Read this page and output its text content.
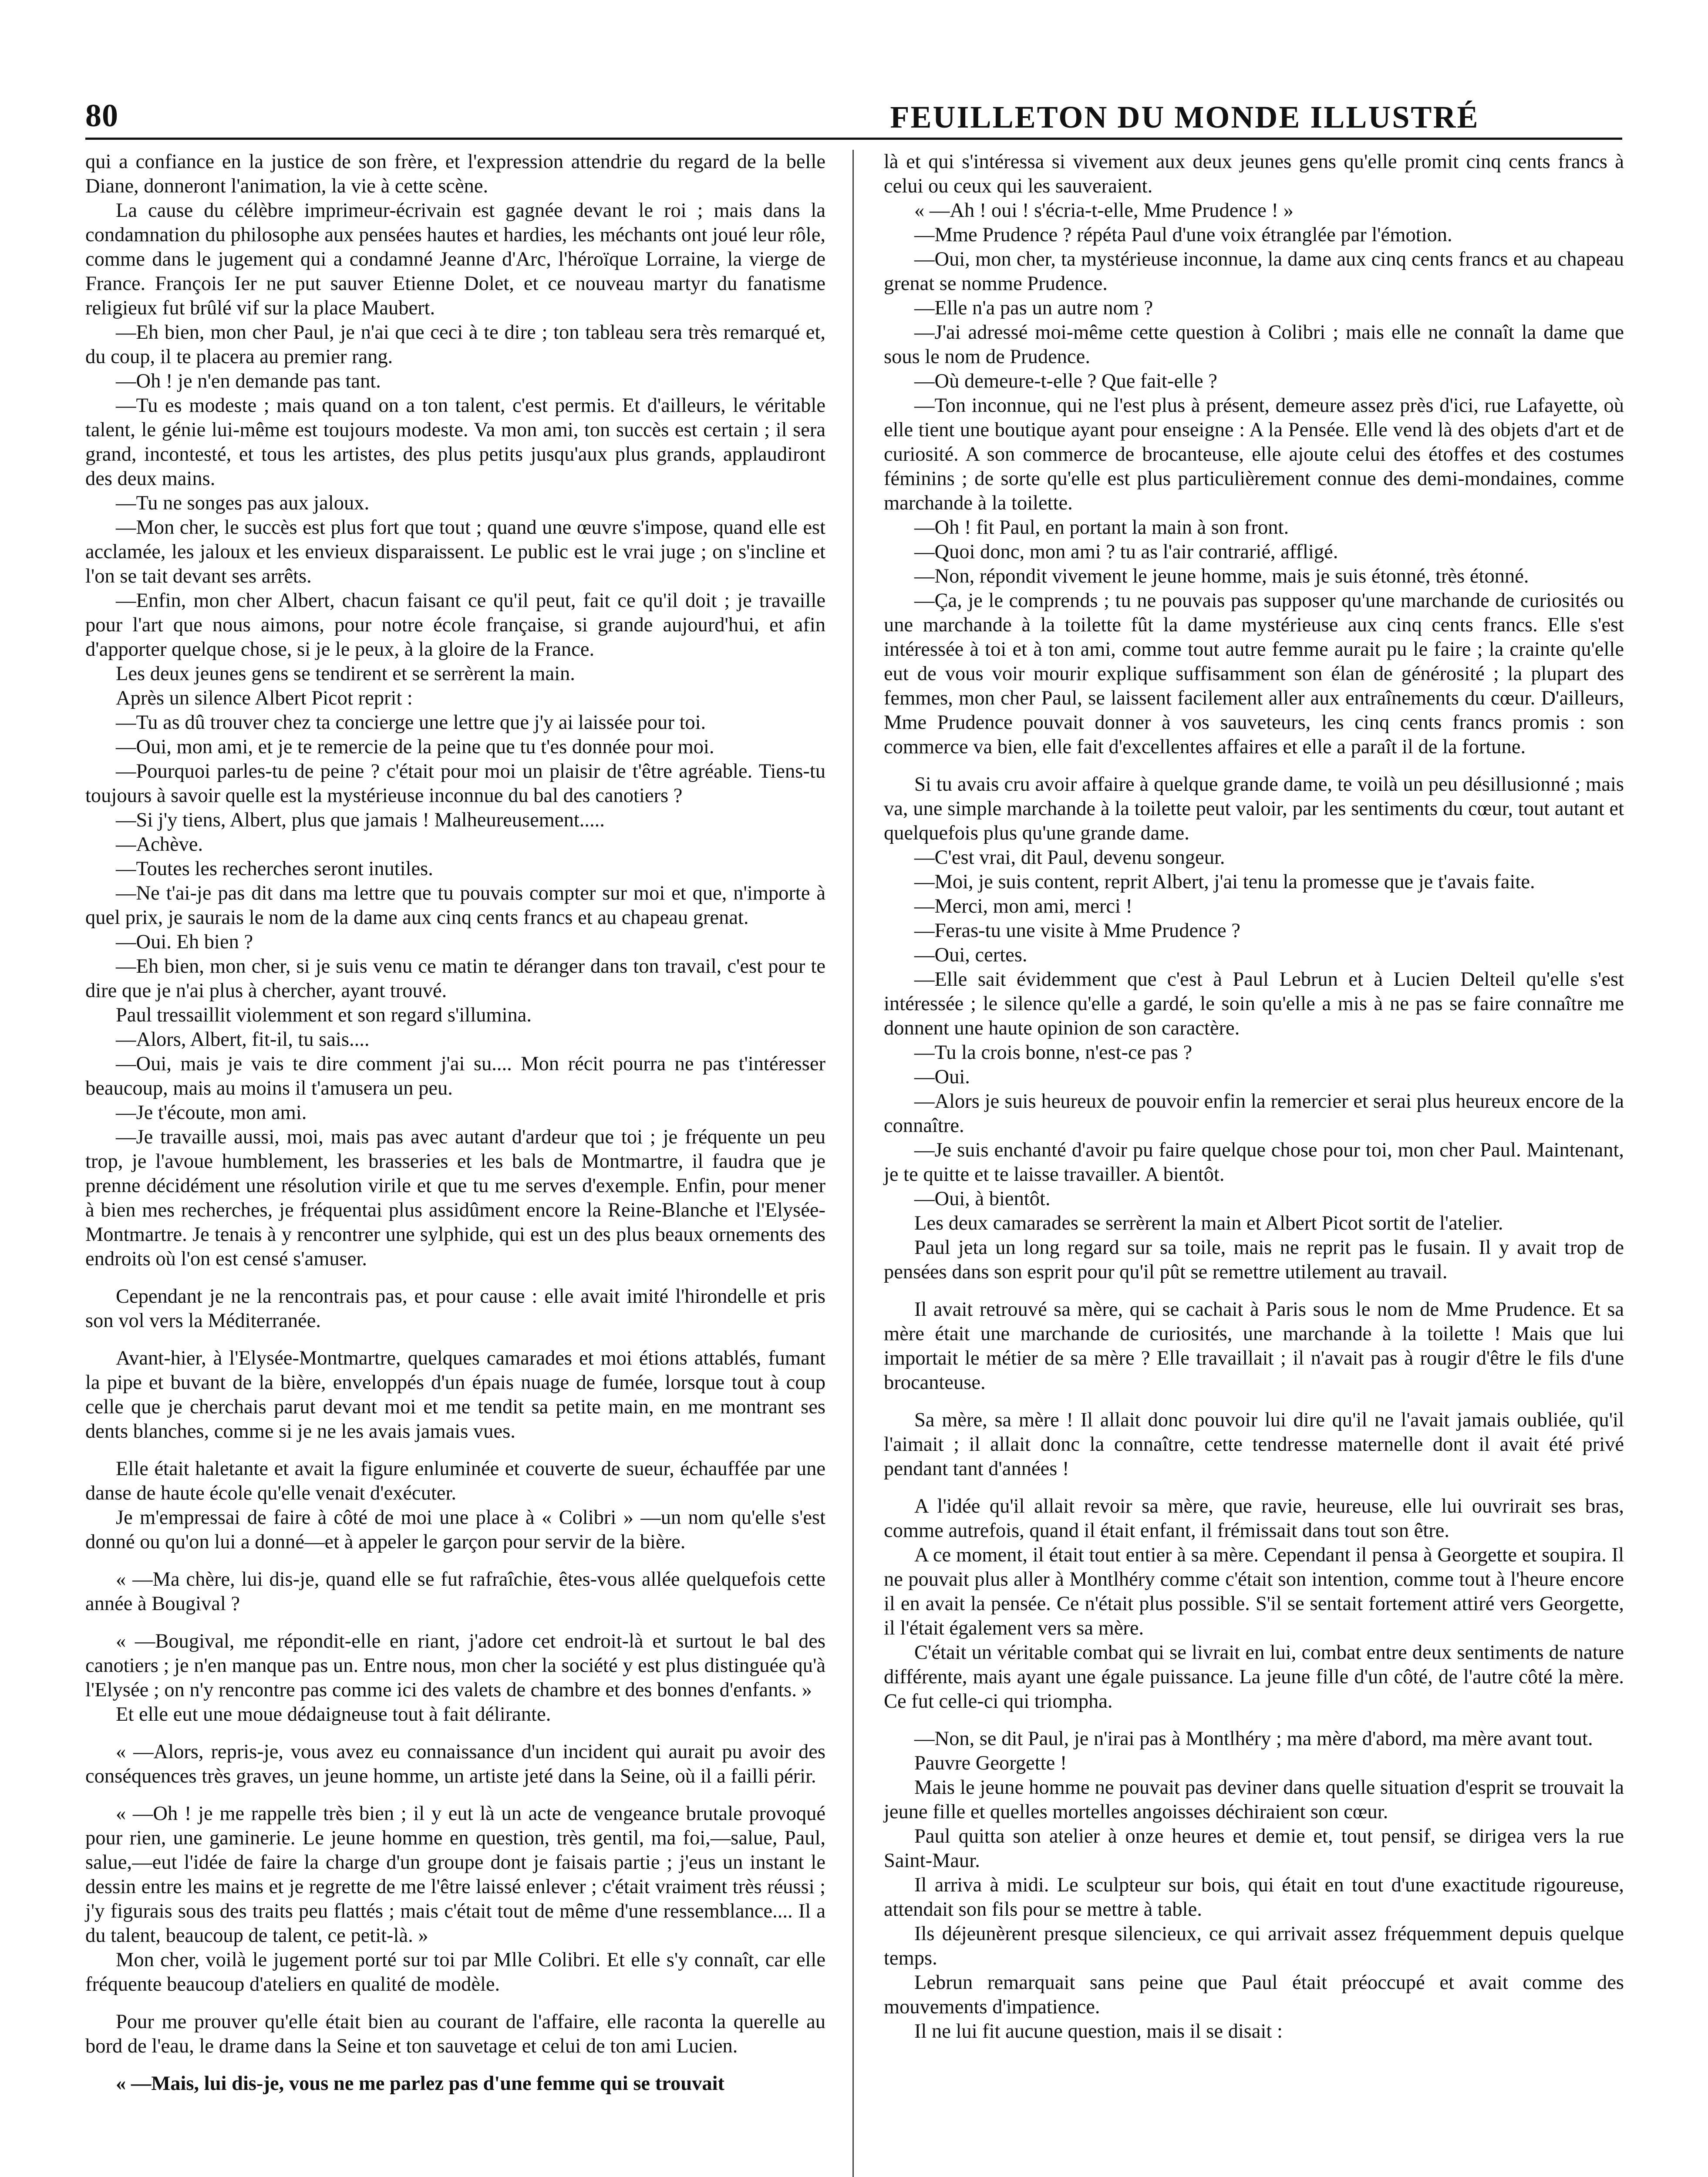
80	FEUILLETON DU MONDE ILLUSTRÉ

qui a confiance en la justice de son frère, et l'expression attendrie du regard de la belle Diane, donneront l'animation, la vie à cette scène.

La cause du célèbre imprimeur-écrivain est gagnée devant le roi ; mais dans la condamnation du philosophe aux pensées hautes et hardies, les méchants ont joué leur rôle, comme dans le jugement qui a condamné Jeanne d'Arc, l'héroïque Lorraine, la vierge de France. François Ier ne put sauver Etienne Dolet, et ce nouveau martyr du fanatisme religieux fut brûlé vif sur la place Maubert.

—Eh bien, mon cher Paul, je n'ai que ceci à te dire ; ton tableau sera très remarqué et, du coup, il te placera au premier rang.

—Oh ! je n'en demande pas tant.

—Tu es modeste ; mais quand on a ton talent, c'est permis. Et d'ailleurs, le véritable talent, le génie lui-même est toujours modeste. Va mon ami, ton succès est certain ; il sera grand, incontesté, et tous les artistes, des plus petits jusqu'aux plus grands, applaudiront des deux mains.

—Tu ne songes pas aux jaloux.

—Mon cher, le succès est plus fort que tout ; quand une œuvre s'impose, quand elle est acclamée, les jaloux et les envieux disparaissent. Le public est le vrai juge ; on s'incline et l'on se tait devant ses arrêts.

—Enfin, mon cher Albert, chacun faisant ce qu'il peut, fait ce qu'il doit ; je travaille pour l'art que nous aimons, pour notre école française, si grande aujourd'hui, et afin d'apporter quelque chose, si je le peux, à la gloire de la France.

Les deux jeunes gens se tendirent et se serrèrent la main.

Après un silence Albert Picot reprit :

—Tu as dû trouver chez ta concierge une lettre que j'y ai laissée pour toi.

—Oui, mon ami, et je te remercie de la peine que tu t'es donnée pour moi.

—Pourquoi parles-tu de peine ? c'était pour moi un plaisir de t'être agréable. Tiens-tu toujours à savoir quelle est la mystérieuse inconnue du bal des canotiers ?

—Si j'y tiens, Albert, plus que jamais ! Malheureusement.....

—Achève.

—Toutes les recherches seront inutiles.

—Ne t'ai-je pas dit dans ma lettre que tu pouvais compter sur moi et que, n'importe à quel prix, je saurais le nom de la dame aux cinq cents francs et au chapeau grenat.

—Oui. Eh bien ?

—Eh bien, mon cher, si je suis venu ce matin te déranger dans ton travail, c'est pour te dire que je n'ai plus à chercher, ayant trouvé.

Paul tressaillit violemment et son regard s'illumina.

—Alors, Albert, fit-il, tu sais....

—Oui, mais je vais te dire comment j'ai su.... Mon récit pourra ne pas t'intéresser beaucoup, mais au moins il t'amusera un peu.

—Je t'écoute, mon ami.

—Je travaille aussi, moi, mais pas avec autant d'ardeur que toi ; je fréquente un peu trop, je l'avoue humblement, les brasseries et les bals de Montmartre, il faudra que je prenne décidément une résolution virile et que tu me serves d'exemple. Enfin, pour mener à bien mes recherches, je fréquentai plus assidûment encore la Reine-Blanche et l'Elysée-Montmartre. Je tenais à y rencontrer une sylphide, qui est un des plus beaux ornements des endroits où l'on est censé s'amuser.

Cependant je ne la rencontrais pas, et pour cause : elle avait imité l'hirondelle et pris son vol vers la Méditerranée.

Avant-hier, à l'Elysée-Montmartre, quelques camarades et moi étions attablés, fumant la pipe et buvant de la bière, enveloppés d'un épais nuage de fumée, lorsque tout à coup celle que je cherchais parut devant moi et me tendit sa petite main, en me montrant ses dents blanches, comme si je ne les avais jamais vues.

Elle était haletante et avait la figure enluminée et couverte de sueur, échauffée par une danse de haute école qu'elle venait d'exécuter.

Je m'empressai de faire à côté de moi une place à « Colibri » —un nom qu'elle s'est donné ou qu'on lui a donné—et à appeler le garçon pour servir de la bière.

« —Ma chère, lui dis-je, quand elle se fut rafraîchie, êtes-vous allée quelquefois cette année à Bougival ?

« —Bougival, me répondit-elle en riant, j'adore cet endroit-là et surtout le bal des canotiers ; je n'en manque pas un. Entre nous, mon cher la société y est plus distinguée qu'à l'Elysée ; on n'y rencontre pas comme ici des valets de chambre et des bonnes d'enfants. »

Et elle eut une moue dédaigneuse tout à fait délirante.

« —Alors, repris-je, vous avez eu connaissance d'un incident qui aurait pu avoir des conséquences très graves, un jeune homme, un artiste jeté dans la Seine, où il a failli périr.

« —Oh ! je me rappelle très bien ; il y eut là un acte de vengeance brutale provoqué pour rien, une gaminerie. Le jeune homme en question, très gentil, ma foi,—salue, Paul, salue,—eut l'idée de faire la charge d'un groupe dont je faisais partie ; j'eus un instant le dessin entre les mains et je regrette de me l'être laissé enlever ; c'était vraiment très réussi ; j'y figurais sous des traits peu flattés ; mais c'était tout de même d'une ressemblance.... Il a du talent, beaucoup de talent, ce petit-là. »

Mon cher, voilà le jugement porté sur toi par Mlle Colibri. Et elle s'y connaît, car elle fréquente beaucoup d'ateliers en qualité de modèle.

Pour me prouver qu'elle était bien au courant de l'affaire, elle raconta la querelle au bord de l'eau, le drame dans la Seine et ton sauvetage et celui de ton ami Lucien.

« —Mais, lui dis-je, vous ne me parlez pas d'une femme qui se trouvait

là et qui s'intéressa si vivement aux deux jeunes gens qu'elle promit cinq cents francs à celui ou ceux qui les sauveraient.

« —Ah ! oui ! s'écria-t-elle, Mme Prudence ! »

—Mme Prudence ? répéta Paul d'une voix étranglée par l'émotion.

—Oui, mon cher, ta mystérieuse inconnue, la dame aux cinq cents francs et au chapeau grenat se nomme Prudence.

—Elle n'a pas un autre nom ?

—J'ai adressé moi-même cette question à Colibri ; mais elle ne connaît la dame que sous le nom de Prudence.

—Où demeure-t-elle ? Que fait-elle ?

—Ton inconnue, qui ne l'est plus à présent, demeure assez près d'ici, rue Lafayette, où elle tient une boutique ayant pour enseigne : A la Pensée. Elle vend là des objets d'art et de curiosité. A son commerce de brocanteuse, elle ajoute celui des étoffes et des costumes féminins ; de sorte qu'elle est plus particulièrement connue des demi-mondaines, comme marchande à la toilette.

—Oh ! fit Paul, en portant la main à son front.

—Quoi donc, mon ami ? tu as l'air contrarié, affligé.

—Non, répondit vivement le jeune homme, mais je suis étonné, très étonné.

—Ça, je le comprends ; tu ne pouvais pas supposer qu'une marchande de curiosités ou une marchande à la toilette fût la dame mystérieuse aux cinq cents francs. Elle s'est intéressée à toi et à ton ami, comme tout autre femme aurait pu le faire ; la crainte qu'elle eut de vous voir mourir explique suffisamment son élan de générosité ; la plupart des femmes, mon cher Paul, se laissent facilement aller aux entraînements du cœur. D'ailleurs, Mme Prudence pouvait donner à vos sauveteurs, les cinq cents francs promis : son commerce va bien, elle fait d'excellentes affaires et elle a paraît il de la fortune.

Si tu avais cru avoir affaire à quelque grande dame, te voilà un peu désillusionné ; mais va, une simple marchande à la toilette peut valoir, par les sentiments du cœur, tout autant et quelquefois plus qu'une grande dame.

—C'est vrai, dit Paul, devenu songeur.

—Moi, je suis content, reprit Albert, j'ai tenu la promesse que je t'avais faite.

—Merci, mon ami, merci !

—Feras-tu une visite à Mme Prudence ?

—Oui, certes.

—Elle sait évidemment que c'est à Paul Lebrun et à Lucien Delteil qu'elle s'est intéressée ; le silence qu'elle a gardé, le soin qu'elle a mis à ne pas se faire connaître me donnent une haute opinion de son caractère.

—Tu la crois bonne, n'est-ce pas ?

—Oui.

—Alors je suis heureux de pouvoir enfin la remercier et serai plus heureux encore de la connaître.

—Je suis enchanté d'avoir pu faire quelque chose pour toi, mon cher Paul. Maintenant, je te quitte et te laisse travailler. A bientôt.

—Oui, à bientôt.

Les deux camarades se serrèrent la main et Albert Picot sortit de l'atelier.

Paul jeta un long regard sur sa toile, mais ne reprit pas le fusain. Il y avait trop de pensées dans son esprit pour qu'il pût se remettre utilement au travail.

Il avait retrouvé sa mère, qui se cachait à Paris sous le nom de Mme Prudence. Et sa mère était une marchande de curiosités, une marchande à la toilette ! Mais que lui importait le métier de sa mère ? Elle travaillait ; il n'avait pas à rougir d'être le fils d'une brocanteuse.

Sa mère, sa mère ! Il allait donc pouvoir lui dire qu'il ne l'avait jamais oubliée, qu'il l'aimait ; il allait donc la connaître, cette tendresse maternelle dont il avait été privé pendant tant d'années !

A l'idée qu'il allait revoir sa mère, que ravie, heureuse, elle lui ouvrirait ses bras, comme autrefois, quand il était enfant, il frémissait dans tout son être.

A ce moment, il était tout entier à sa mère. Cependant il pensa à Georgette et soupira. Il ne pouvait plus aller à Montlhéry comme c'était son intention, comme tout à l'heure encore il en avait la pensée. Ce n'était plus possible. S'il se sentait fortement attiré vers Georgette, il l'était également vers sa mère.

C'était un véritable combat qui se livrait en lui, combat entre deux sentiments de nature différente, mais ayant une égale puissance. La jeune fille d'un côté, de l'autre côté la mère. Ce fut celle-ci qui triompha.

—Non, se dit Paul, je n'irai pas à Montlhéry ; ma mère d'abord, ma mère avant tout.

Pauvre Georgette !

Mais le jeune homme ne pouvait pas deviner dans quelle situation d'esprit se trouvait la jeune fille et quelles mortelles angoisses déchiraient son cœur.

Paul quitta son atelier à onze heures et demie et, tout pensif, se dirigea vers la rue Saint-Maur.

Il arriva à midi. Le sculpteur sur bois, qui était en tout d'une exactitude rigoureuse, attendait son fils pour se mettre à table.

Ils déjeunèrent presque silencieux, ce qui arrivait assez fréquemment depuis quelque temps.

Lebrun remarquait sans peine que Paul était préoccupé et avait comme des mouvements d'impatience.

Il ne lui fit aucune question, mais il se disait :
